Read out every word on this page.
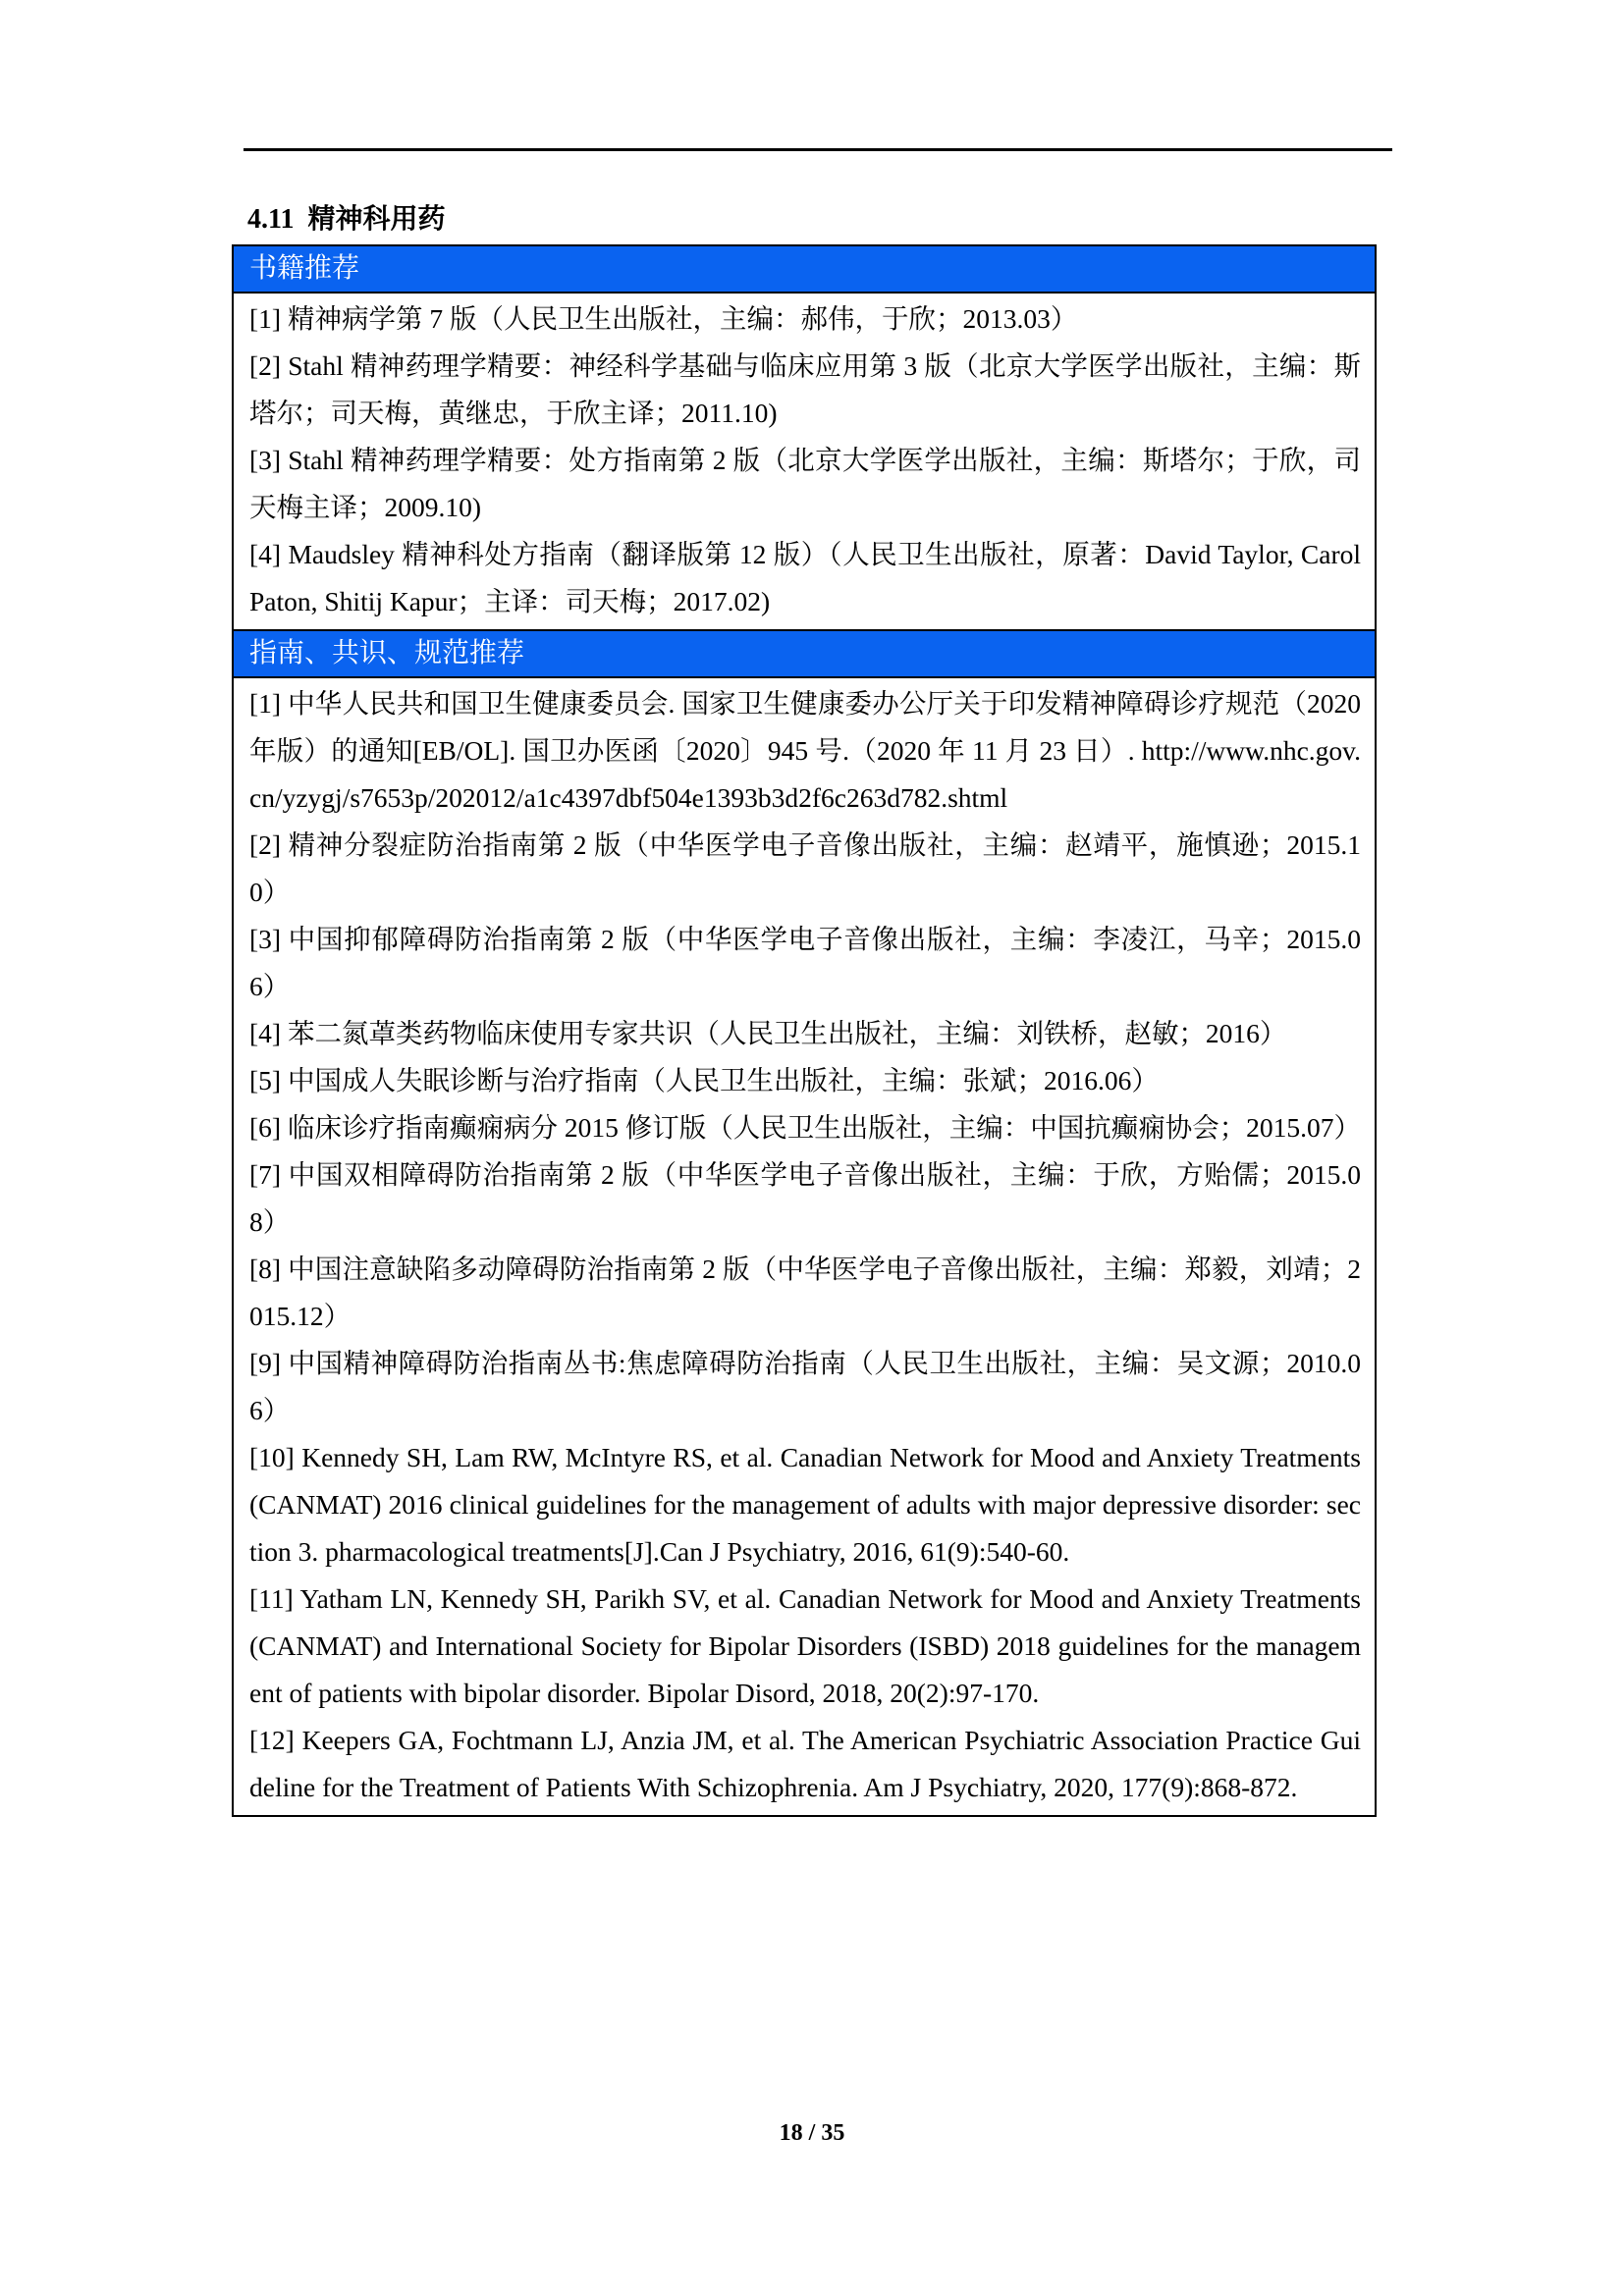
4.11 精神科用药
书籍推荐
[1] 精神病学第 7 版（人民卫生出版社，主编：郝伟，于欣；2013.03）
[2] Stahl 精神药理学精要：神经科学基础与临床应用第 3 版（北京大学医学出版社，主编：斯塔尔；司天梅，黄继忠，于欣主译；2011.10)
[3] Stahl 精神药理学精要：处方指南第 2 版（北京大学医学出版社，主编：斯塔尔；于欣，司天梅主译；2009.10)
[4] Maudsley 精神科处方指南（翻译版第 12 版）（人民卫生出版社，原著：David Taylor, Carol Paton, Shitij Kapur；主译：司天梅；2017.02)
指南、共识、规范推荐
[1] 中华人民共和国卫生健康委员会. 国家卫生健康委办公厅关于印发精神障碍诊疗规范（2020 年版）的通知[EB/OL]. 国卫办医函〔2020〕945 号.（2020 年 11 月 23 日）. http://www.nhc.gov.cn/yzygj/s7653p/202012/a1c4397dbf504e1393b3d2f6c263d782.shtml
[2] 精神分裂症防治指南第 2 版（中华医学电子音像出版社，主编：赵靖平，施慎逊；2015.10）
[3] 中国抑郁障碍防治指南第 2 版（中华医学电子音像出版社，主编：李凌江，马辛；2015.06）
[4] 苯二氮䓬类药物临床使用专家共识（人民卫生出版社，主编：刘铁桥，赵敏；2016）
[5] 中国成人失眠诊断与治疗指南（人民卫生出版社，主编：张斌；2016.06）
[6] 临床诊疗指南癫痫病分 2015 修订版（人民卫生出版社，主编：中国抗癫痫协会；2015.07）
[7] 中国双相障碍防治指南第 2 版（中华医学电子音像出版社，主编：于欣，方贻儒；2015.08）
[8] 中国注意缺陷多动障碍防治指南第 2 版（中华医学电子音像出版社，主编：郑毅，刘靖；2015.12）
[9] 中国精神障碍防治指南丛书:焦虑障碍防治指南（人民卫生出版社，主编：吴文源；2010.06）
[10] Kennedy SH, Lam RW, McIntyre RS, et al. Canadian Network for Mood and Anxiety Treatments (CANMAT) 2016 clinical guidelines for the management of adults with major depressive disorder: section 3. pharmacological treatments[J].Can J Psychiatry, 2016, 61(9):540-60.
[11] Yatham LN, Kennedy SH, Parikh SV, et al. Canadian Network for Mood and Anxiety Treatments (CANMAT) and International Society for Bipolar Disorders (ISBD) 2018 guidelines for the management of patients with bipolar disorder. Bipolar Disord, 2018, 20(2):97-170.
[12] Keepers GA, Fochtmann LJ, Anzia JM, et al. The American Psychiatric Association Practice Guideline for the Treatment of Patients With Schizophrenia. Am J Psychiatry, 2020, 177(9):868-872.
18 / 35
